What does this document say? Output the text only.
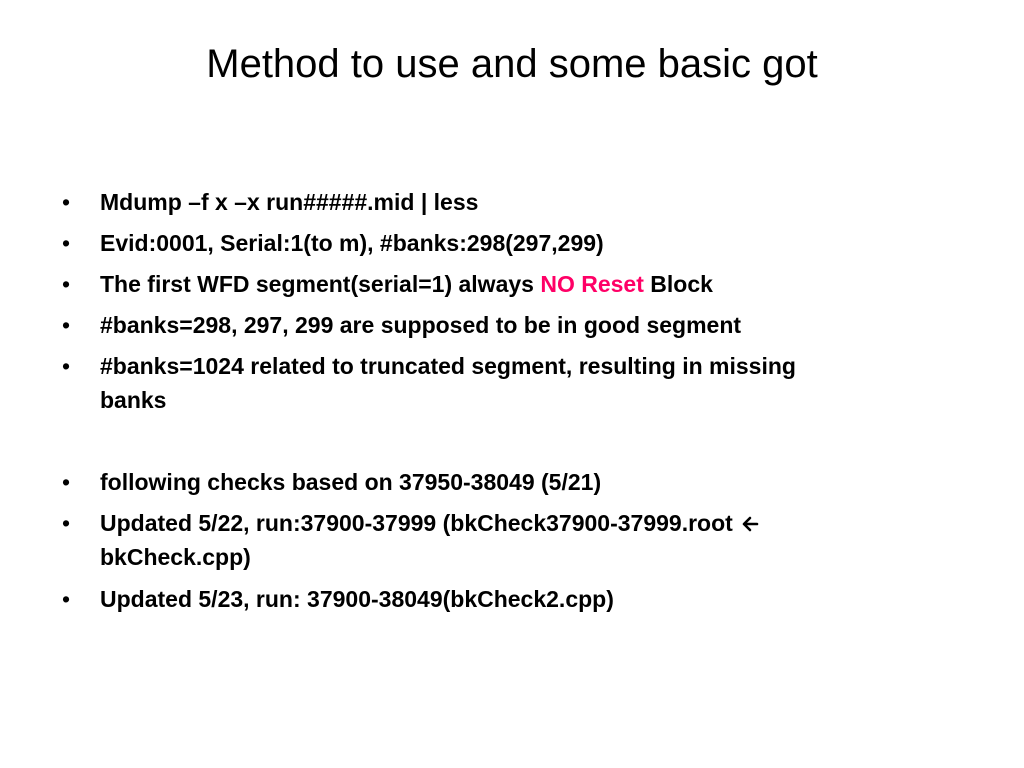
Method to use and some basic got
• Mdump –f x –x run#####.mid | less
• Evid:0001, Serial:1(to m), #banks:298(297,299)
• The first WFD segment(serial=1) always NO Reset Block
• #banks=298, 297, 299 are supposed to be in good segment
• #banks=1024 related to truncated segment, resulting in missing
banks
• following checks based on 37950-38049 (5/21)
• Updated 5/22, run:37900-37999 (bkCheck37900-37999.root

bkCheck.cpp)
• Updated 5/23, run: 37900-38049(bkCheck2.cpp)
